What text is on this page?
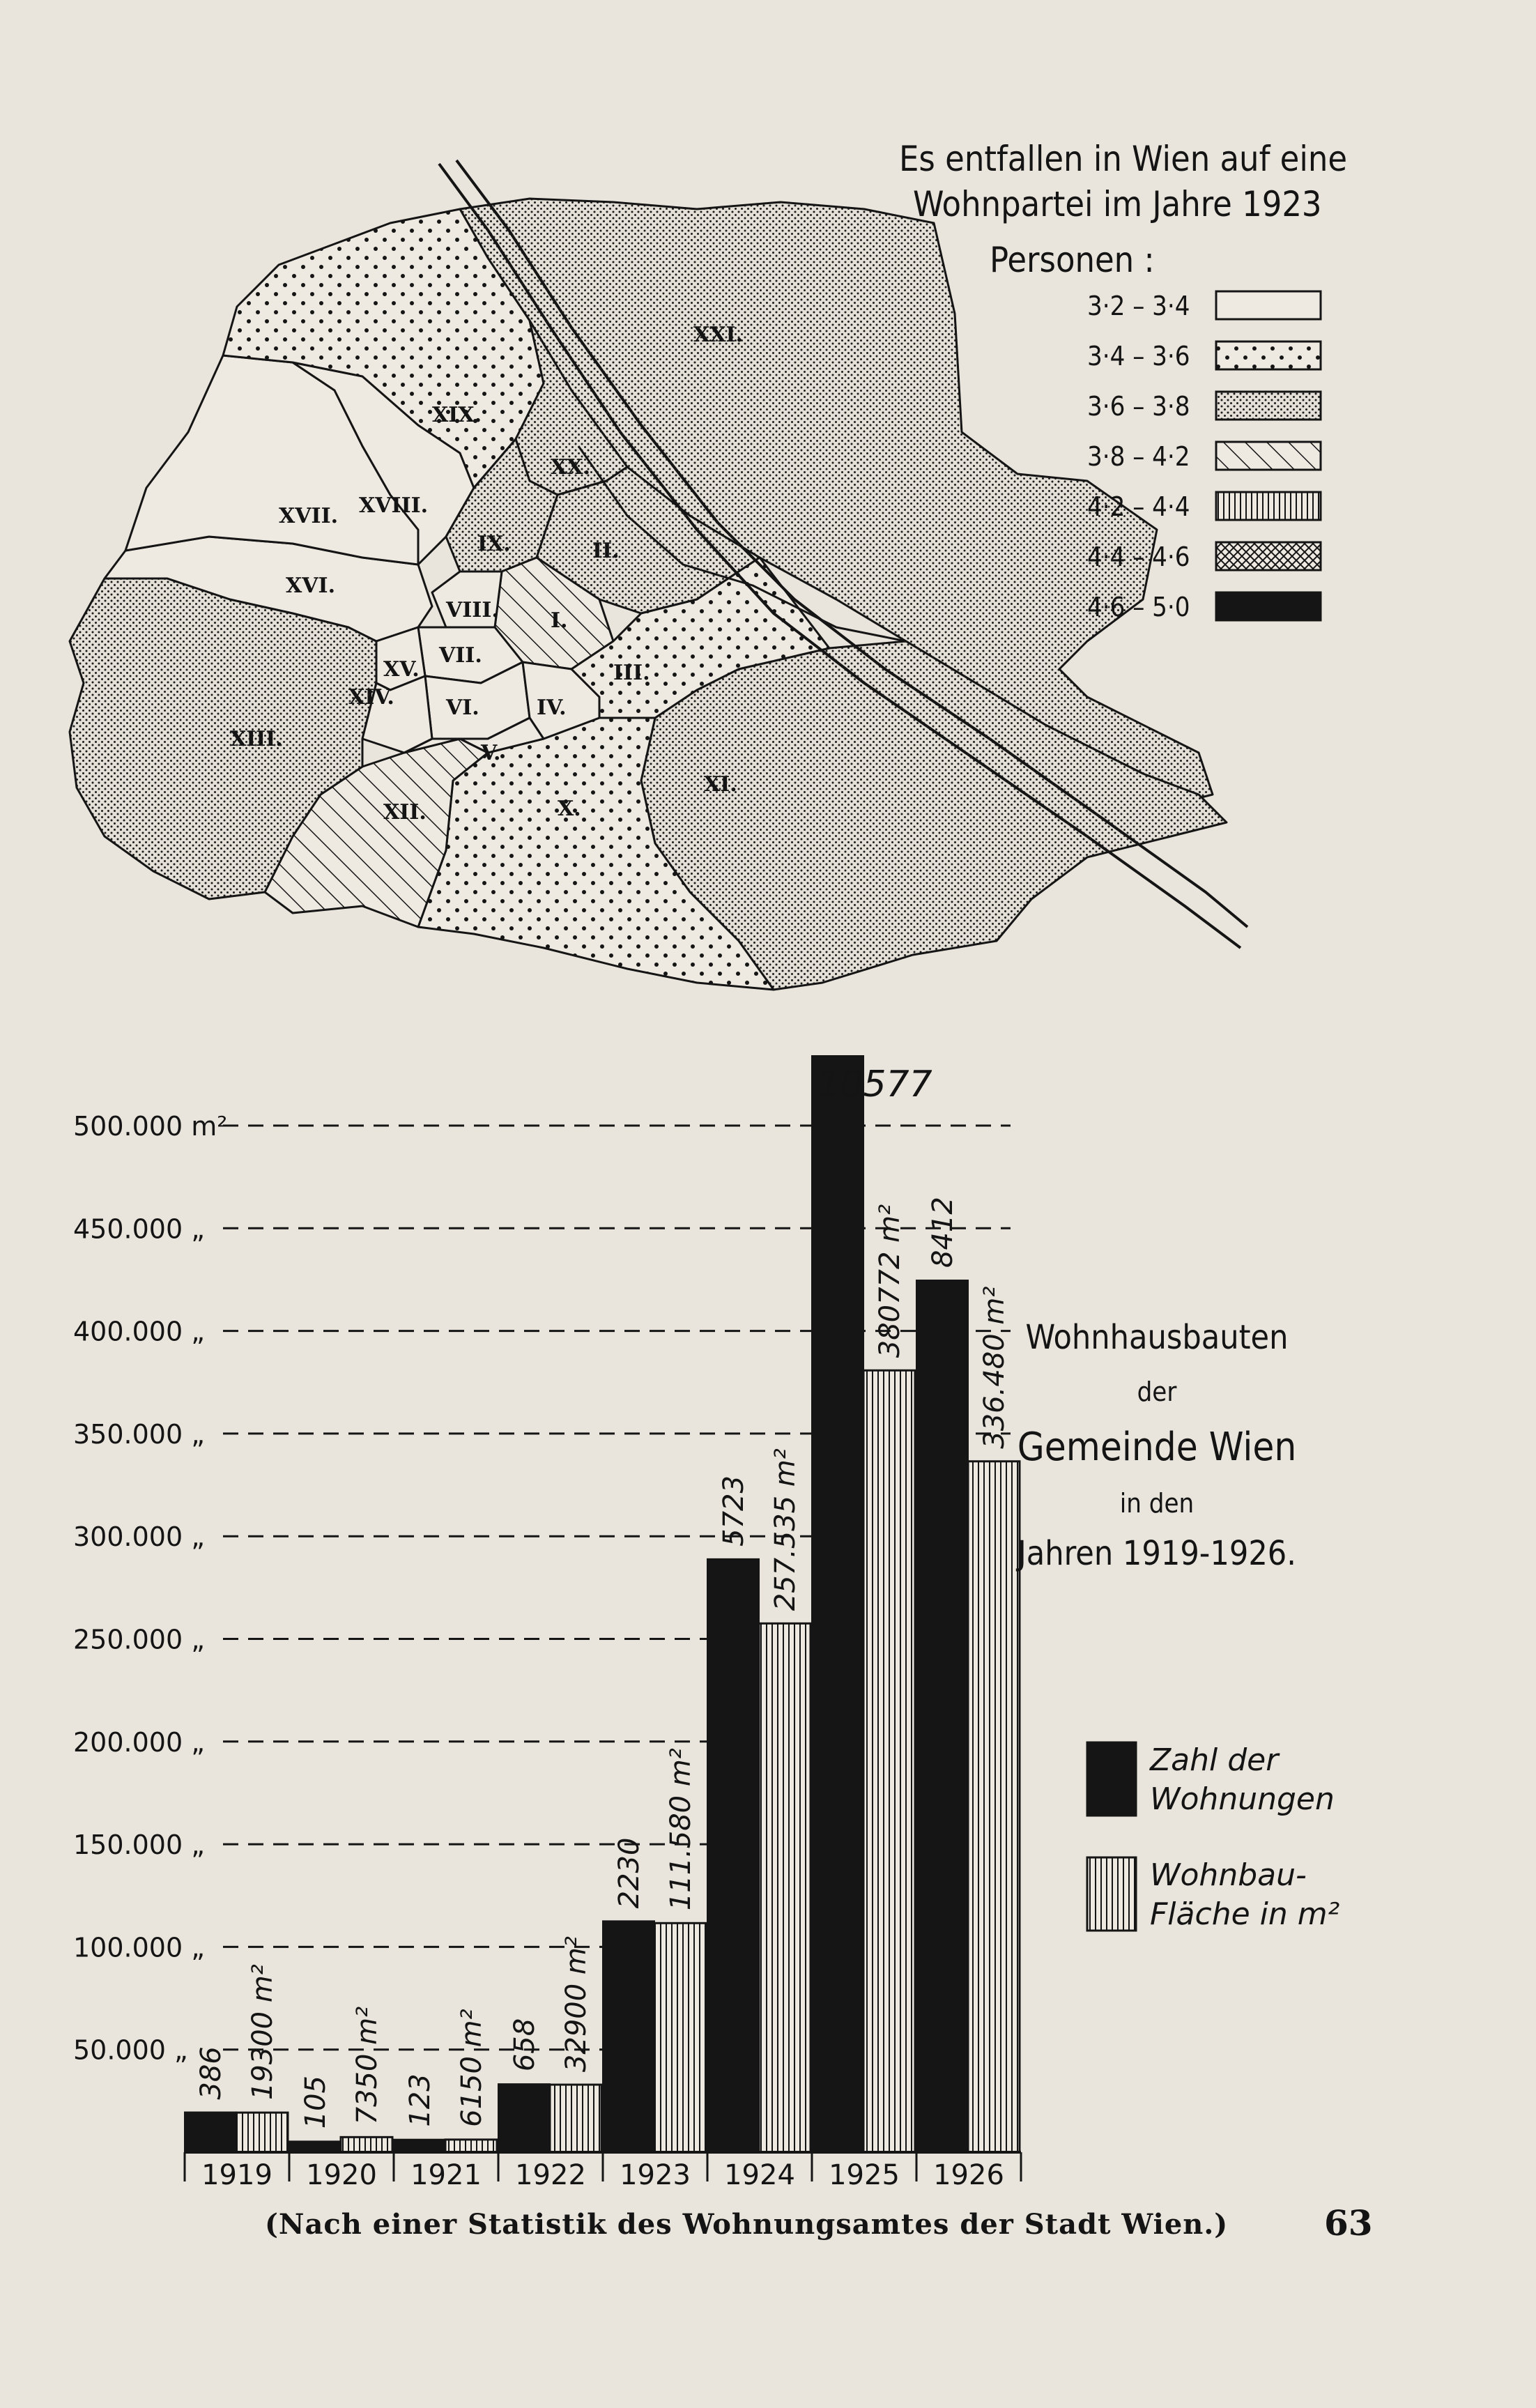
Es entfallen in Wien auf eine
Wohnpartei im Jahre 1923
Personen :
3·2 – 3·4
3·4 – 3·6
3·6 – 3·8
3·8 – 4·2
4·2 – 4·4
4·4 – 4·6
4·6 – 5·0
I.
II.
III.
IV.
V.
VI.
VII.
VIII.
IX.
X.
XI.
XII.
XIII.
XIV.
XV.
XVI.
XVII. XVIII.
XIX.
XX.
XXI.
50.000 „
100.000 „
150.000 „
200.000 „
250.000 „
300.000 „
350.000 „
400.000 „
450.000 „
500.000 m²
386 19300 m²
105 7350 m² 123 6150 m² 658 32900 m²
2230 111.580 m²
5723 257.535 m²
10577
380772 m² 8412
336.480 m²
1919 1920 1921 1922 1923 1924 1925 1926
Wohnhausbauten
der
Gemeinde Wien
in den
Jahren 1919-1926.
Zahl der
Wohnungen
Wohnbau-
Fläche in m²
(Nach einer Statistik des Wohnungsamtes der Stadt Wien.)	63
